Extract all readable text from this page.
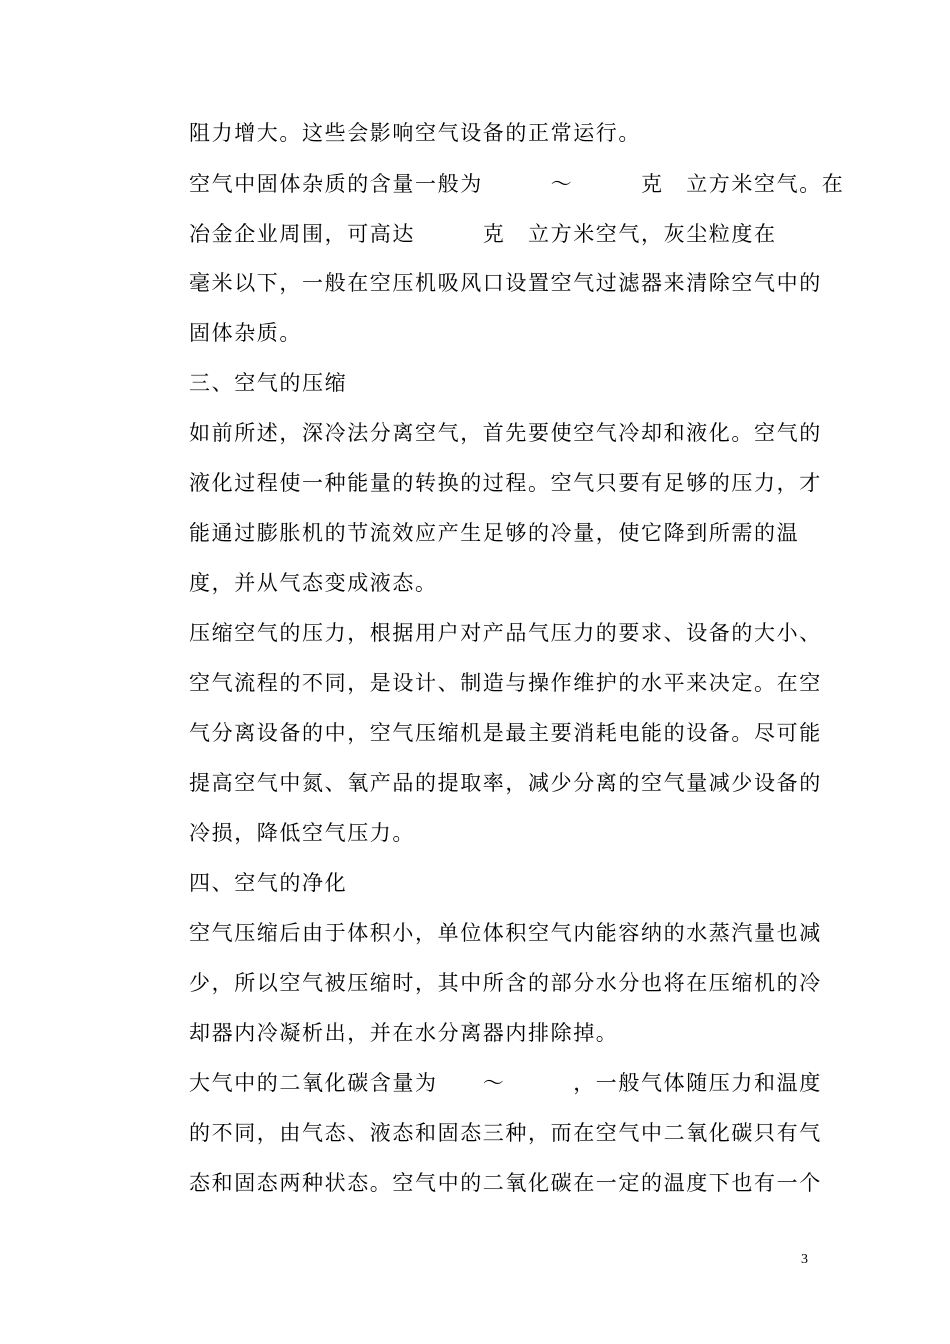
阻力增大。这些会影响空气设备的正常运行。
空气中固体杂质的含量一般为　　　～　　　克　立方米空气。在
冶金企业周围，可高达　　　克　立方米空气，灰尘粒度在
毫米以下，一般在空压机吸风口设置空气过滤器来清除空气中的
固体杂质。
三、空气的压缩
如前所述，深冷法分离空气，首先要使空气冷却和液化。空气的
液化过程使一种能量的转换的过程。空气只要有足够的压力，才
能通过膨胀机的节流效应产生足够的冷量，使它降到所需的温
度，并从气态变成液态。
压缩空气的压力，根据用户对产品气压力的要求、设备的大小、
空气流程的不同，是设计、制造与操作维护的水平来决定。在空
气分离设备的中，空气压缩机是最主要消耗电能的设备。尽可能
提高空气中氮、氧产品的提取率，减少分离的空气量减少设备的
冷损，降低空气压力。
四、空气的净化
空气压缩后由于体积小，单位体积空气内能容纳的水蒸汽量也减
少，所以空气被压缩时，其中所含的部分水分也将在压缩机的冷
却器内冷凝析出，并在水分离器内排除掉。
大气中的二氧化碳含量为　　～　　　，一般气体随压力和温度
的不同，由气态、液态和固态三种，而在空气中二氧化碳只有气
态和固态两种状态。空气中的二氧化碳在一定的温度下也有一个
3
